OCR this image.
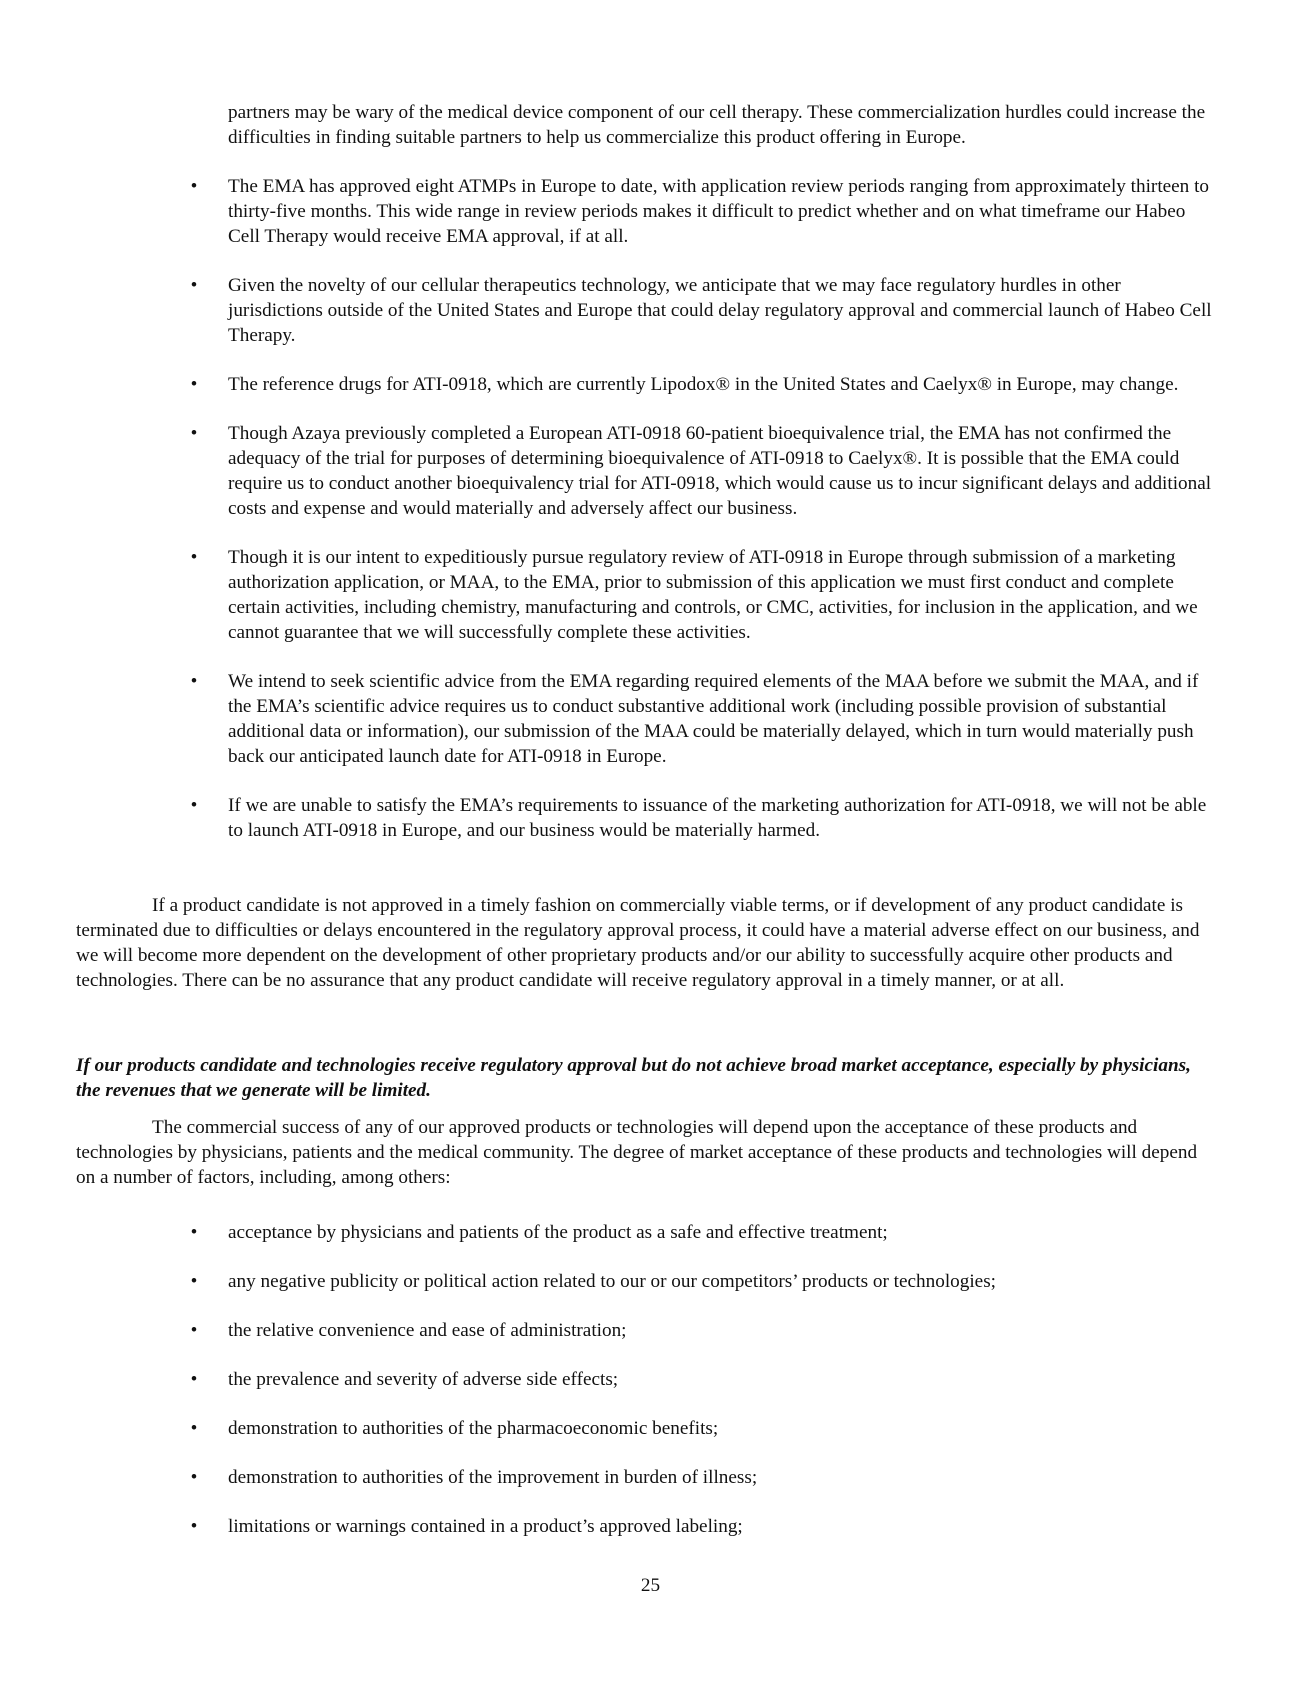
partners may be wary of the medical device component of our cell therapy. These commercialization hurdles could increase the difficulties in finding suitable partners to help us commercialize this product offering in Europe.

• The EMA has approved eight ATMPs in Europe to date, with application review periods ranging from approximately thirteen to thirty-five months. This wide range in review periods makes it difficult to predict whether and on what timeframe our Habeo Cell Therapy would receive EMA approval, if at all.
• Given the novelty of our cellular therapeutics technology, we anticipate that we may face regulatory hurdles in other jurisdictions outside of the United States and Europe that could delay regulatory approval and commercial launch of Habeo Cell Therapy.
• The reference drugs for ATI-0918, which are currently Lipodox® in the United States and Caelyx® in Europe, may change.
• Though Azaya previously completed a European ATI-0918 60-patient bioequivalence trial, the EMA has not confirmed the adequacy of the trial for purposes of determining bioequivalence of ATI-0918 to Caelyx®. It is possible that the EMA could require us to conduct another bioequivalency trial for ATI-0918, which would cause us to incur significant delays and additional costs and expense and would materially and adversely affect our business.
• Though it is our intent to expeditiously pursue regulatory review of ATI-0918 in Europe through submission of a marketing authorization application, or MAA, to the EMA, prior to submission of this application we must first conduct and complete certain activities, including chemistry, manufacturing and controls, or CMC, activities, for inclusion in the application, and we cannot guarantee that we will successfully complete these activities.
• We intend to seek scientific advice from the EMA regarding required elements of the MAA before we submit the MAA, and if the EMA’s scientific advice requires us to conduct substantive additional work (including possible provision of substantial additional data or information), our submission of the MAA could be materially delayed, which in turn would materially push back our anticipated launch date for ATI-0918 in Europe.
• If we are unable to satisfy the EMA’s requirements to issuance of the marketing authorization for ATI-0918, we will not be able to launch ATI-0918 in Europe, and our business would be materially harmed.

If a product candidate is not approved in a timely fashion on commercially viable terms, or if development of any product candidate is terminated due to difficulties or delays encountered in the regulatory approval process, it could have a material adverse effect on our business, and we will become more dependent on the development of other proprietary products and/or our ability to successfully acquire other products and technologies. There can be no assurance that any product candidate will receive regulatory approval in a timely manner, or at all.

If our products candidate and technologies receive regulatory approval but do not achieve broad market acceptance, especially by physicians, the revenues that we generate will be limited.

The commercial success of any of our approved products or technologies will depend upon the acceptance of these products and technologies by physicians, patients and the medical community. The degree of market acceptance of these products and technologies will depend on a number of factors, including, among others:

• acceptance by physicians and patients of the product as a safe and effective treatment;
• any negative publicity or political action related to our or our competitors’ products or technologies;
• the relative convenience and ease of administration;
• the prevalence and severity of adverse side effects;
• demonstration to authorities of the pharmacoeconomic benefits;
• demonstration to authorities of the improvement in burden of illness;
• limitations or warnings contained in a product’s approved labeling;
25
